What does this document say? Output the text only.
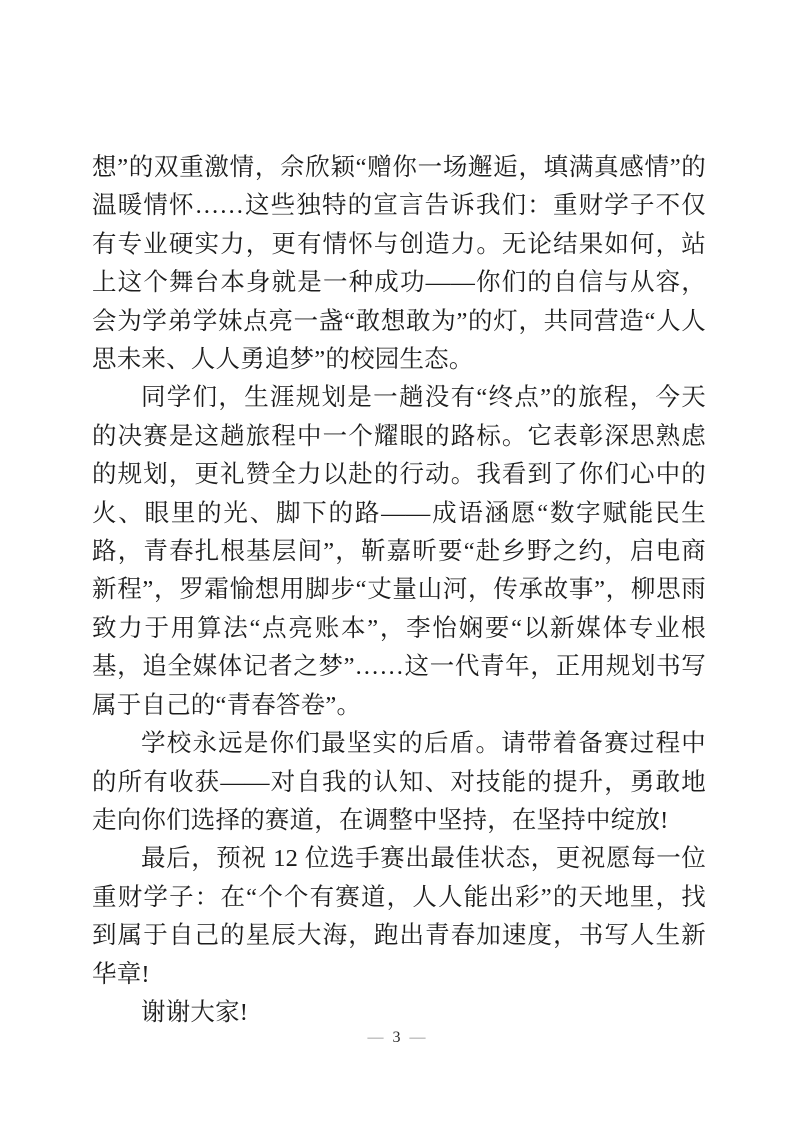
想”的双重激情，佘欣颖“赠你一场邂逅，填满真感情”的温暖情怀……这些独特的宣言告诉我们：重财学子不仅有专业硬实力，更有情怀与创造力。无论结果如何，站上这个舞台本身就是一种成功——你们的自信与从容，会为学弟学妹点亮一盏“敢想敢为”的灯，共同营造“人人思未来、人人勇追梦”的校园生态。

同学们，生涯规划是一趟没有“终点”的旅程，今天的决赛是这趟旅程中一个耀眼的路标。它表彰深思熟虑的规划，更礼赞全力以赴的行动。我看到了你们心中的火、眼里的光、脚下的路——成语涵愿“数字赋能民生路，青春扎根基层间”，靳嘉昕要“赴乡野之约，启电商新程”，罗霜愉想用脚步“丈量山河，传承故事”，柳思雨致力于用算法“点亮账本”，李怡娴要“以新媒体专业根基，追全媒体记者之梦”……这一代青年，正用规划书写属于自己的“青春答卷”。

学校永远是你们最坚实的后盾。请带着备赛过程中的所有收获——对自我的认知、对技能的提升，勇敢地走向你们选择的赛道，在调整中坚持，在坚持中绽放!

最后，预祝 12 位选手赛出最佳状态，更祝愿每一位重财学子：在“个个有赛道，人人能出彩”的天地里，找到属于自己的星辰大海，跑出青春加速度，书写人生新华章!

谢谢大家!

— 3 —
